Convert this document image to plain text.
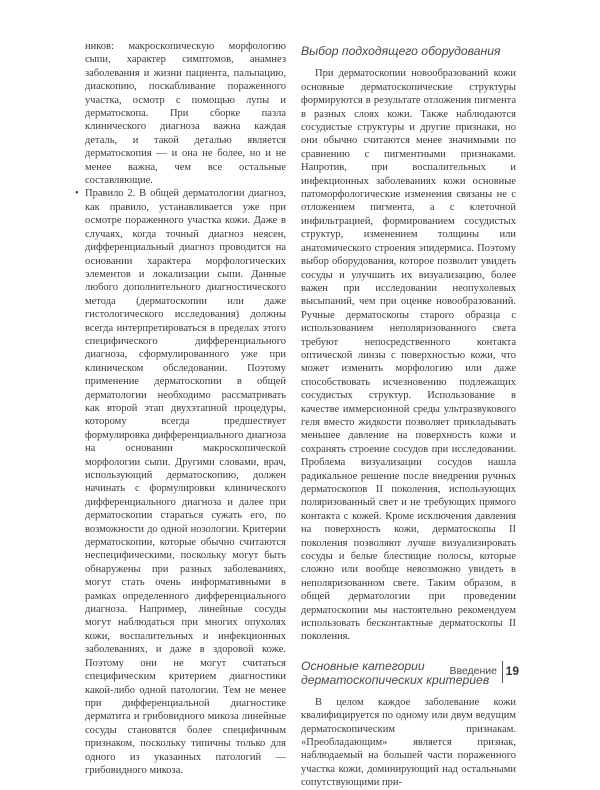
ников: макроскопическую морфологию сыпи, характер симптомов, анамнез заболевания и жизни пациента, пальпацию, диаскопию, поскабливание пораженного участка, осмотр с помощью лупы и дерматоскопа. При сборке пазла клинического диагноза важна каждая деталь, и такой деталью является дерматоскопия — и она не более, но и не менее важна, чем все остальные составляющие.

• Правило 2. В общей дерматологии диагноз, как правило, устанавливается уже при осмотре пораженного участка кожи. Даже в случаях, когда точный диагноз неясен, дифференциальный диагноз проводится на основании характера морфологических элементов и локализации сыпи. Данные любого дополнительного диагностического метода (дерматоскопии или даже гистологического исследования) должны всегда интерпретироваться в пределах этого специфического дифференциального диагноза, сформулированного уже при клиническом обследовании. Поэтому применение дерматоскопии в общей дерматологии необходимо рассматривать как второй этап двухэтапной процедуры, которому всегда предшествует формулировка дифференциального диагноза на основании макроскопической морфологии сыпи. Другими словами, врач, использующий дерматоскопию, должен начинать с формулировки клинического дифференциального диагноза и далее при дерматоскопии стараться сужать его, по возможности до одной нозологии. Критерии дерматоскопии, которые обычно считаются неспецифическими, поскольку могут быть обнаружены при разных заболеваниях, могут стать очень информативными в рамках определенного дифференциального диагноза. Например, линейные сосуды могут наблюдаться при многих опухолях кожи, воспалительных и инфекционных заболеваниях, и даже в здоровой коже. Поэтому они не могут считаться специфическим критерием диагностики какой-либо одной патологии. Тем не менее при дифференциальной диагностике дерматита и грибовидного микоза линейные сосуды становятся более специфичным признаком, поскольку типичны только для одного из указанных патологий — грибовидного микоза.

Выбор подходящего оборудования

При дерматоскопии новообразований кожи основные дерматоскопические структуры формируются в результате отложения пигмента в разных слоях кожи. Также наблюдаются сосудистые структуры и другие признаки, но они обычно считаются менее значимыми по сравнению с пигментными признаками. Напротив, при воспалительных и инфекционных заболеваниях кожи основные патоморфологические изменения связаны не с отложением пигмента, а с клеточной инфильтрацией, формированием сосудистых структур, изменением толщины или анатомического строения эпидермиса. Поэтому выбор оборудования, которое позволит увидеть сосуды и улучшить их визуализацию, более важен при исследовании неопухолевых высыпаний, чем при оценке новообразований. Ручные дерматоскопы старого образца с использованием неполяризованного света требуют непосредственного контакта оптической линзы с поверхностью кожи, что может изменить морфологию или даже способствовать исчезновению подлежащих сосудистых структур. Использование в качестве иммерсионной среды ультразвукового геля вместо жидкости позволяет прикладывать меньшее давление на поверхность кожи и сохранять строение сосудов при исследовании. Проблема визуализации сосудов нашла радикальное решение после внедрения ручных дерматоскопов II поколения, использующих поляризованный свет и не требующих прямого контакта с кожей. Кроме исключения давления на поверхность кожи, дерматоскопы II поколения позволяют лучше визуализировать сосуды и белые блестящие полосы, которые сложно или вообще невозможно увидеть в неполяризованном свете. Таким образом, в общей дерматологии при проведении дерматоскопии мы настоятельно рекомендуем использовать бесконтактные дерматоскопы II поколения.

Основные категории дерматоскопических критериев

В целом каждое заболевание кожи квалифицируется по одному или двум ведущим дерматоскопическим признакам. «Преобладающим» является признак, наблюдаемый на большей части пораженного участка кожи, доминирующий над остальными сопутствующими при-

Введение 19
